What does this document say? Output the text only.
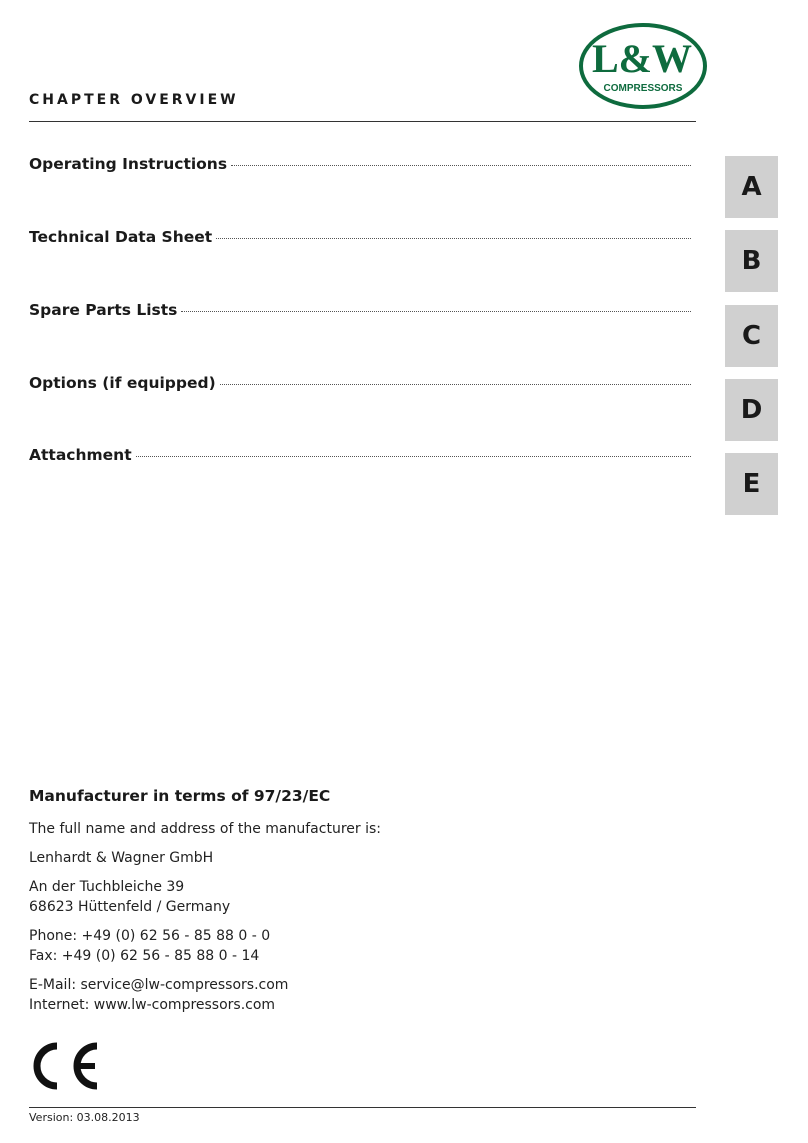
L&W
COMPRESSORS
CHAPTER OVERVIEW
Operating Instructions
Technical Data Sheet
Spare Parts Lists
Options (if equipped)
Attachment
A
B
C
D
E
Manufacturer in terms of 97/23/EC

The full name and address of the manufacturer is:

Lenhardt & Wagner GmbH

An der Tuchbleiche 39

68623 Hüttenfeld / Germany

Phone: +49 (0) 62 56 - 85 88 0 - 0

Fax: +49 (0) 62 56 - 85 88 0 - 14

E-Mail: service@lw-compressors.com

Internet: www.lw-compressors.com

Version: 03.08.2013
